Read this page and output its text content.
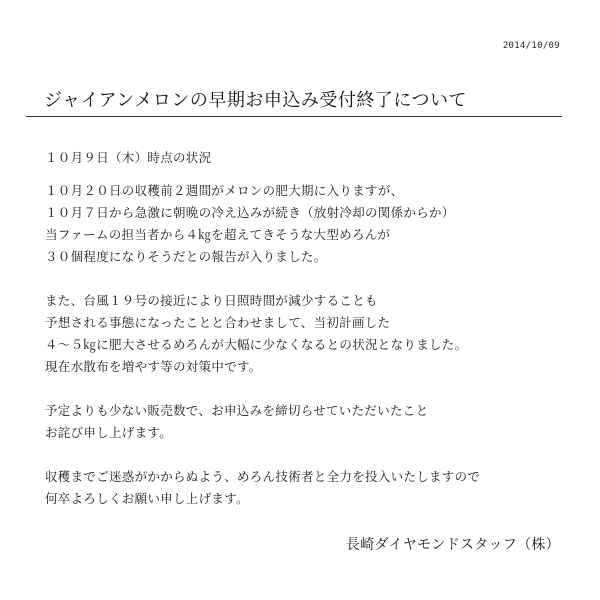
2014/10/09
ジャイアンメロンの早期お申込み受付終了について
１０月９日（木）時点の状況
１０月２０日の収穫前２週間がメロンの肥大期に入りますが、
１０月７日から急激に朝晩の冷え込みが続き（放射冷却の関係からか）
当ファームの担当者から４㎏を超えてきそうな大型めろんが
３０個程度になりそうだとの報告が入りました。
また、台風１９号の接近により日照時間が減少することも
予想される事態になったことと合わせまして、当初計画した
４～５㎏に肥大させるめろんが大幅に少なくなるとの状況となりました。
現在水散布を増やす等の対策中です。
予定よりも少ない販売数で、お申込みを締切らせていただいたこと
お詫び申し上げます。
収穫までご迷惑がかからぬよう、めろん技術者と全力を投入いたしますので
何卒よろしくお願い申し上げます。
長崎ダイヤモンドスタッフ（株）
